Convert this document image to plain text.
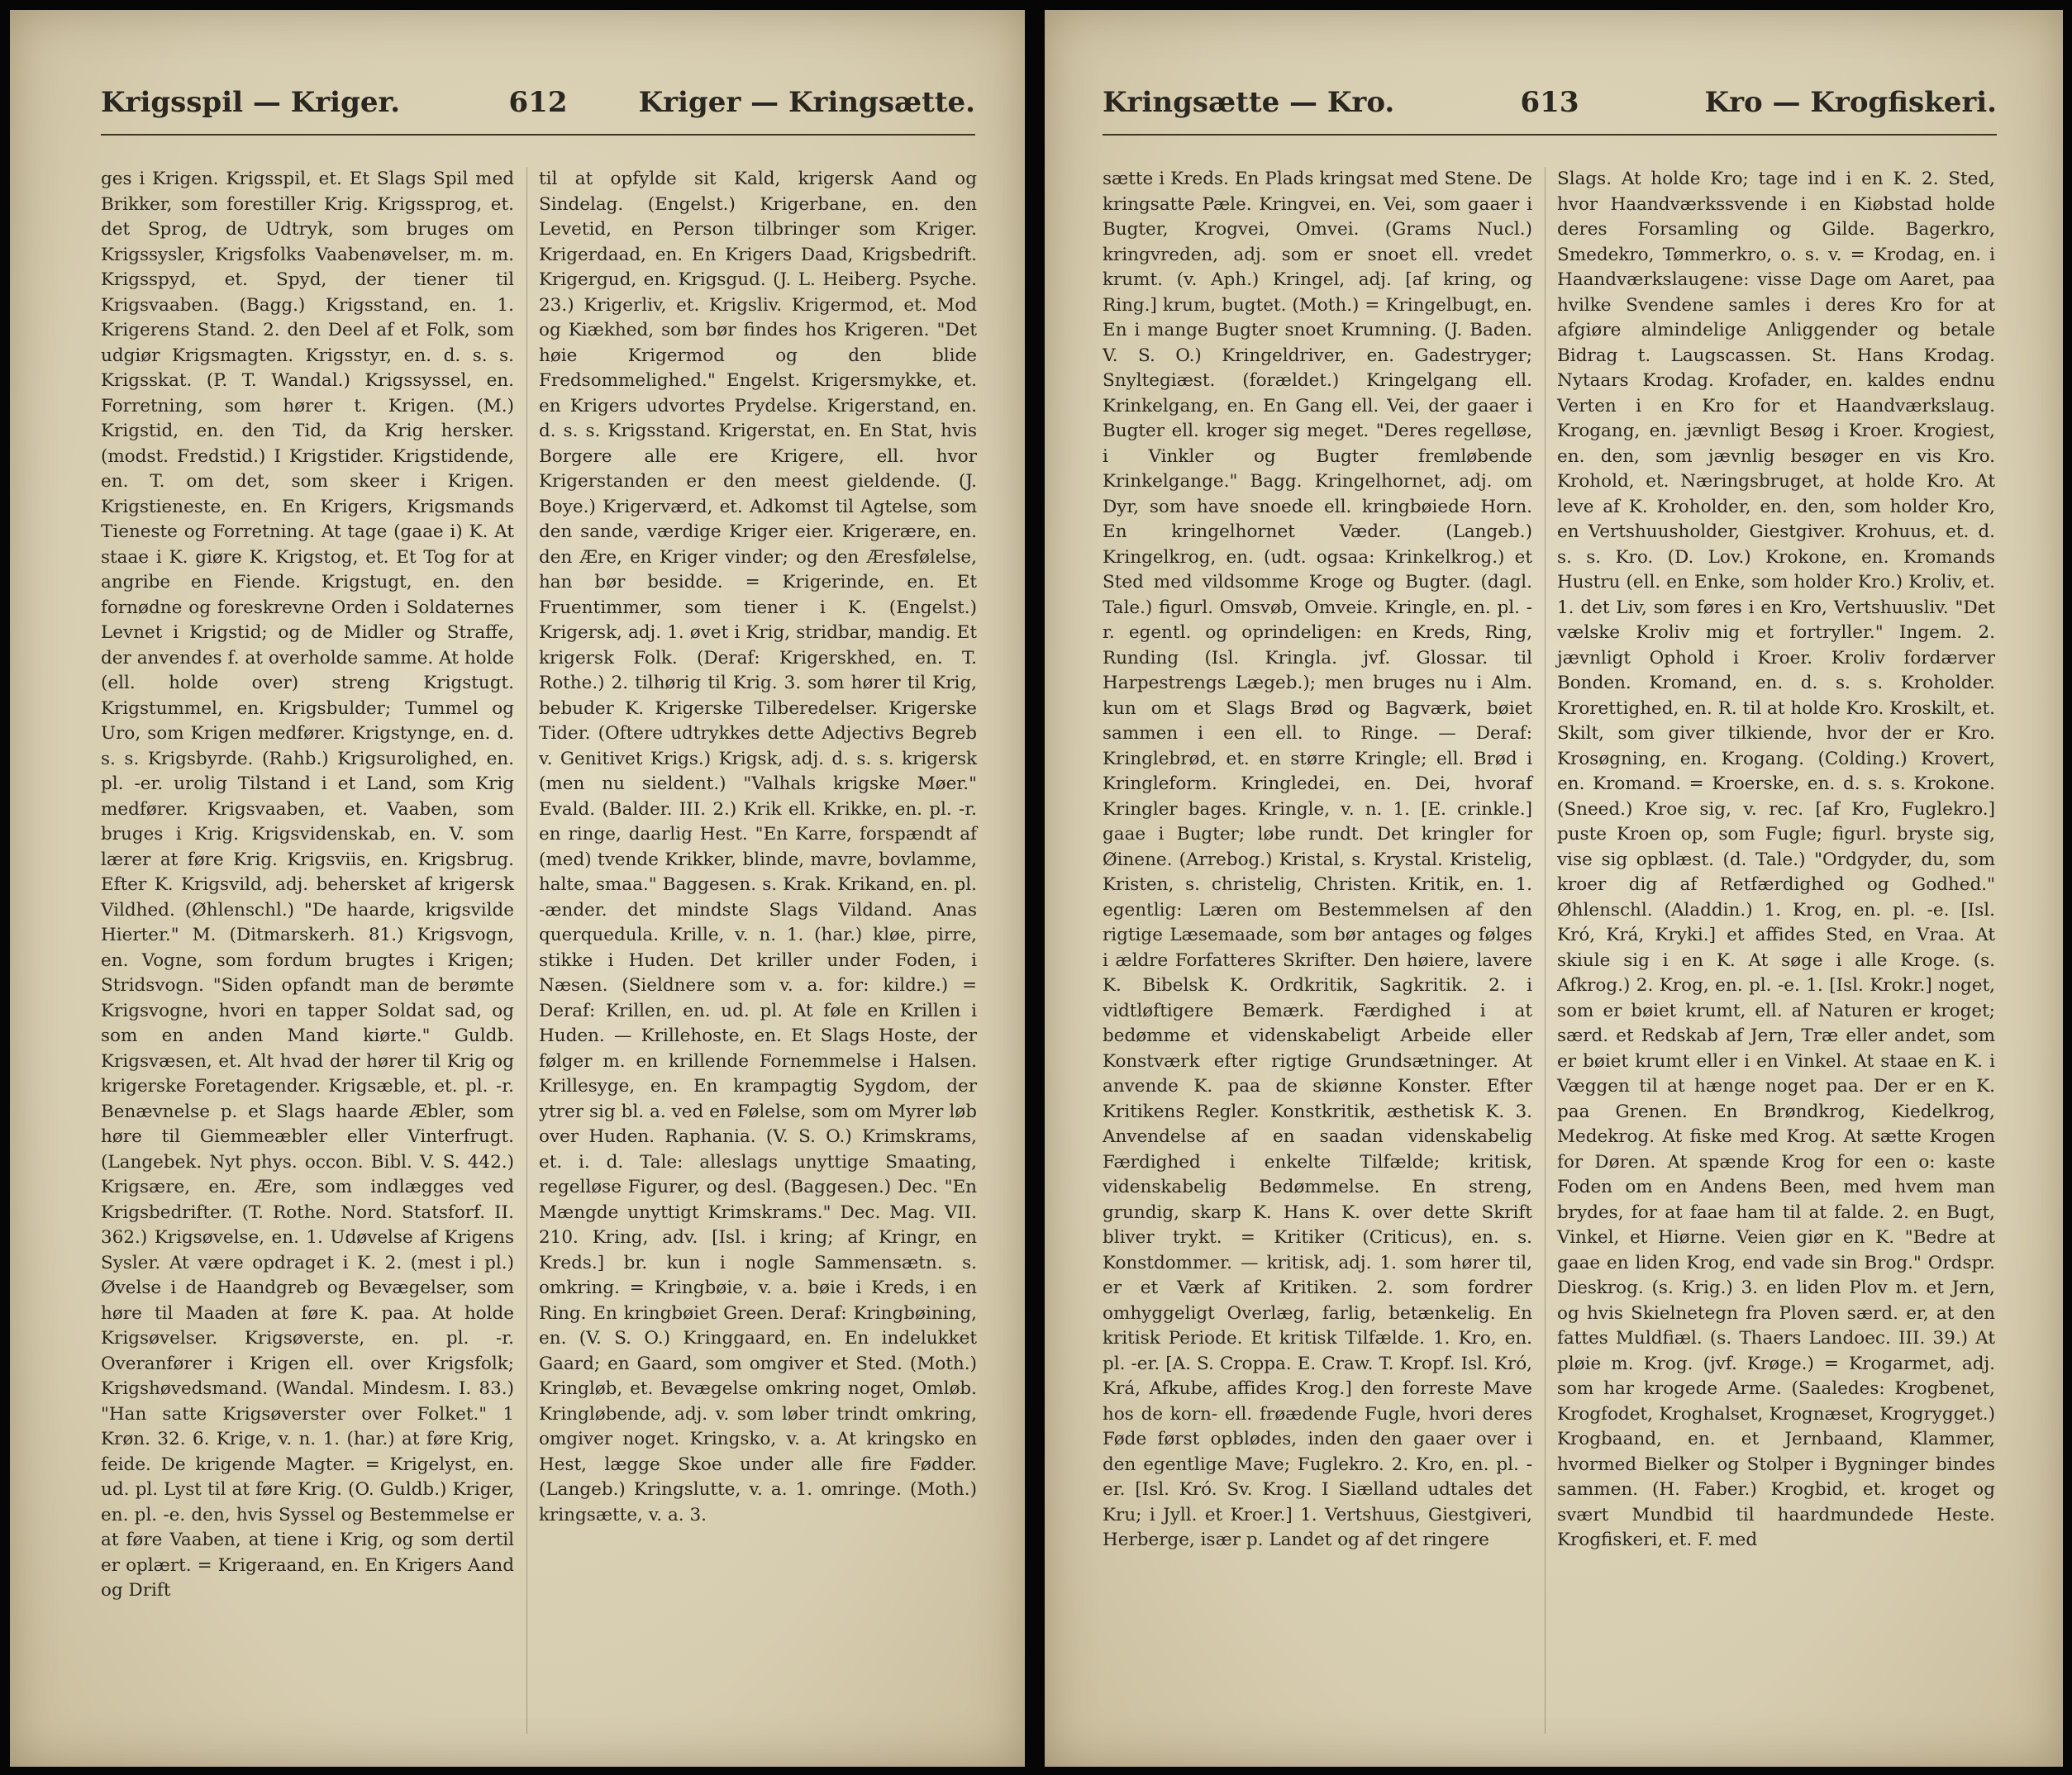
Krigsspil — Kriger.	612	Kriger — Kringsætte.

ges i Krigen. Krigsspil, et. Et Slags Spil med Brikker, som forestiller Krig. Krigssprog, et. det Sprog, de Udtryk, som bruges om Krigssysler, Krigsfolks Vaabenøvelser, m. m. Krigsspyd, et. Spyd, der tiener til Krigsvaaben. (Bagg.) Krigsstand, en. 1. Krigerens Stand. 2. den Deel af et Folk, som udgiør Krigsmagten. Krigsstyr, en. d. s. s. Krigsskat. (P. T. Wandal.) Krigssyssel, en. Forretning, som hører t. Krigen. (M.) Krigstid, en. den Tid, da Krig hersker. (modst. Fredstid.) I Krigstider. Krigstidende, en. T. om det, som skeer i Krigen. Krigstieneste, en. En Krigers, Krigsmands Tieneste og Forretning. At tage (gaae i) K. At staae i K. giøre K. Krigstog, et. Et Tog for at angribe en Fiende. Krigstugt, en. den fornødne og foreskrevne Orden i Soldaternes Levnet i Krigstid; og de Midler og Straffe, der anvendes f. at overholde samme. At holde (ell. holde over) streng Krigstugt. Krigstummel, en. Krigsbulder; Tummel og Uro, som Krigen medfører. Krigstynge, en. d. s. s. Krigsbyrde. (Rahb.) Krigsurolighed, en. pl. -er. urolig Tilstand i et Land, som Krig medfører. Krigsvaaben, et. Vaaben, som bruges i Krig. Krigsvidenskab, en. V. som lærer at føre Krig. Krigsviis, en. Krigsbrug. Efter K. Krigsvild, adj. behersket af krigersk Vildhed. (Øhlenschl.) "De haarde, krigsvilde Hierter." M. (Ditmarskerh. 81.) Krigsvogn, en. Vogne, som fordum brugtes i Krigen; Stridsvogn. "Siden opfandt man de berømte Krigsvogne, hvori en tapper Soldat sad, og som en anden Mand kiørte." Guldb. Krigsvæsen, et. Alt hvad der hører til Krig og krigerske Foretagender. Krigsæble, et. pl. -r. Benævnelse p. et Slags haarde Æbler, som høre til Giemmeæbler eller Vinterfrugt. (Langebek. Nyt phys. occon. Bibl. V. S. 442.) Krigsære, en. Ære, som indlægges ved Krigsbedrifter. (T. Rothe. Nord. Statsforf. II. 362.) Krigsøvelse, en. 1. Udøvelse af Krigens Sysler. At være opdraget i K. 2. (mest i pl.) Øvelse i de Haandgreb og Bevægelser, som høre til Maaden at føre K. paa. At holde Krigsøvelser. Krigsøverste, en. pl. -r. Overanfører i Krigen ell. over Krigsfolk; Krigshøvedsmand. (Wandal. Mindesm. I. 83.) "Han satte Krigsøverster over Folket." 1 Krøn. 32. 6. Krige, v. n. 1. (har.) at føre Krig, feide. De krigende Magter. = Krigelyst, en. ud. pl. Lyst til at føre Krig. (O. Guldb.) Kriger, en. pl. -e. den, hvis Syssel og Bestemmelse er at føre Vaaben, at tiene i Krig, og som dertil er oplært. = Krigeraand, en. En Krigers Aand og Drift

til at opfylde sit Kald, krigersk Aand og Sindelag. (Engelst.) Krigerbane, en. den Levetid, en Person tilbringer som Kriger. Krigerdaad, en. En Krigers Daad, Krigsbedrift. Krigergud, en. Krigsgud. (J. L. Heiberg. Psyche. 23.) Krigerliv, et. Krigsliv. Krigermod, et. Mod og Kiækhed, som bør findes hos Krigeren. "Det høie Krigermod og den blide Fredsommelighed." Engelst. Krigersmykke, et. en Krigers udvortes Prydelse. Krigerstand, en. d. s. s. Krigsstand. Krigerstat, en. En Stat, hvis Borgere alle ere Krigere, ell. hvor Krigerstanden er den meest gieldende. (J. Boye.) Krigerværd, et. Adkomst til Agtelse, som den sande, værdige Kriger eier. Krigerære, en. den Ære, en Kriger vinder; og den Æresfølelse, han bør besidde. = Krigerinde, en. Et Fruentimmer, som tiener i K. (Engelst.) Krigersk, adj. 1. øvet i Krig, stridbar, mandig. Et krigersk Folk. (Deraf: Krigerskhed, en. T. Rothe.) 2. tilhørig til Krig. 3. som hører til Krig, bebuder K. Krigerske Tilberedelser. Krigerske Tider. (Oftere udtrykkes dette Adjectivs Begreb v. Genitivet Krigs.) Krigsk, adj. d. s. s. krigersk (men nu sieldent.) "Valhals krigske Møer." Evald. (Balder. III. 2.) Krik ell. Krikke, en. pl. -r. en ringe, daarlig Hest. "En Karre, forspændt af (med) tvende Krikker, blinde, mavre, bovlamme, halte, smaa." Baggesen. s. Krak. Krikand, en. pl. -ænder. det mindste Slags Vildand. Anas querquedula. Krille, v. n. 1. (har.) kløe, pirre, stikke i Huden. Det kriller under Foden, i Næsen. (Sieldnere som v. a. for: kildre.) = Deraf: Krillen, en. ud. pl. At føle en Krillen i Huden. — Krillehoste, en. Et Slags Hoste, der følger m. en krillende Fornemmelse i Halsen. Krillesyge, en. En krampagtig Sygdom, der ytrer sig bl. a. ved en Følelse, som om Myrer løb over Huden. Raphania. (V. S. O.) Krimskrams, et. i. d. Tale: alleslags unyttige Smaating, regelløse Figurer, og desl. (Baggesen.) Dec. "En Mængde unyttigt Krimskrams." Dec. Mag. VII. 210. Kring, adv. [Isl. i kring; af Kringr, en Kreds.] br. kun i nogle Sammensætn. s. omkring. = Kringbøie, v. a. bøie i Kreds, i en Ring. En kringbøiet Green. Deraf: Kringbøining, en. (V. S. O.) Kringgaard, en. En indelukket Gaard; en Gaard, som omgiver et Sted. (Moth.) Kringløb, et. Bevægelse omkring noget, Omløb. Kringløbende, adj. v. som løber trindt omkring, omgiver noget. Kringsko, v. a. At kringsko en Hest, lægge Skoe under alle fire Fødder. (Langeb.) Kringslutte, v. a. 1. omringe. (Moth.) kringsætte, v. a. 3.

Kringsætte — Kro.	613	Kro — Krogfiskeri.

sætte i Kreds. En Plads kringsat med Stene. De kringsatte Pæle. Kringvei, en. Vei, som gaaer i Bugter, Krogvei, Omvei. (Grams Nucl.) kringvreden, adj. som er snoet ell. vredet krumt. (v. Aph.) Kringel, adj. [af kring, og Ring.] krum, bugtet. (Moth.) = Kringelbugt, en. En i mange Bugter snoet Krumning. (J. Baden. V. S. O.) Kringeldriver, en. Gadestryger; Snyltegiæst. (forældet.) Kringelgang ell. Krinkelgang, en. En Gang ell. Vei, der gaaer i Bugter ell. kroger sig meget. "Deres regelløse, i Vinkler og Bugter fremløbende Krinkelgange." Bagg. Kringelhornet, adj. om Dyr, som have snoede ell. kringbøiede Horn. En kringelhornet Væder. (Langeb.) Kringelkrog, en. (udt. ogsaa: Krinkelkrog.) et Sted med vildsomme Kroge og Bugter. (dagl. Tale.) figurl. Omsvøb, Omveie. Kringle, en. pl. -r. egentl. og oprindeligen: en Kreds, Ring, Runding (Isl. Kringla. jvf. Glossar. til Harpestrengs Lægeb.); men bruges nu i Alm. kun om et Slags Brød og Bagværk, bøiet sammen i een ell. to Ringe. — Deraf: Kringlebrød, et. en større Kringle; ell. Brød i Kringleform. Kringledei, en. Dei, hvoraf Kringler bages. Kringle, v. n. 1. [E. crinkle.] gaae i Bugter; løbe rundt. Det kringler for Øinene. (Arrebog.) Kristal, s. Krystal. Kristelig, Kristen, s. christelig, Christen. Kritik, en. 1. egentlig: Læren om Bestemmelsen af den rigtige Læsemaade, som bør antages og følges i ældre Forfatteres Skrifter. Den høiere, lavere K. Bibelsk K. Ordkritik, Sagkritik. 2. i vidtløftigere Bemærk. Færdighed i at bedømme et videnskabeligt Arbeide eller Konstværk efter rigtige Grundsætninger. At anvende K. paa de skiønne Konster. Efter Kritikens Regler. Konstkritik, æsthetisk K. 3. Anvendelse af en saadan videnskabelig Færdighed i enkelte Tilfælde; kritisk, videnskabelig Bedømmelse. En streng, grundig, skarp K. Hans K. over dette Skrift bliver trykt. = Kritiker (Criticus), en. s. Konstdommer. — kritisk, adj. 1. som hører til, er et Værk af Kritiken. 2. som fordrer omhyggeligt Overlæg, farlig, betænkelig. En kritisk Periode. Et kritisk Tilfælde. 1. Kro, en. pl. -er. [A. S. Croppa. E. Craw. T. Kropf. Isl. Kró, Krá, Afkube, affides Krog.] den forreste Mave hos de korn- ell. frøædende Fugle, hvori deres Føde først opblødes, inden den gaaer over i den egentlige Mave; Fuglekro. 2. Kro, en. pl. -er. [Isl. Kró. Sv. Krog. I Siælland udtales det Kru; i Jyll. et Kroer.] 1. Vertshuus, Giestgiveri, Herberge, især p. Landet og af det ringere

Slags. At holde Kro; tage ind i en K. 2. Sted, hvor Haandværkssvende i en Kiøbstad holde deres Forsamling og Gilde. Bagerkro, Smedekro, Tømmerkro, o. s. v. = Krodag, en. i Haandværkslaugene: visse Dage om Aaret, paa hvilke Svendene samles i deres Kro for at afgiøre almindelige Anliggender og betale Bidrag t. Laugscassen. St. Hans Krodag. Nytaars Krodag. Krofader, en. kaldes endnu Verten i en Kro for et Haandværkslaug. Krogang, en. jævnligt Besøg i Kroer. Krogiest, en. den, som jævnlig besøger en vis Kro. Krohold, et. Næringsbruget, at holde Kro. At leve af K. Kroholder, en. den, som holder Kro, en Vertshuusholder, Giestgiver. Krohuus, et. d. s. s. Kro. (D. Lov.) Krokone, en. Kromands Hustru (ell. en Enke, som holder Kro.) Kroliv, et. 1. det Liv, som føres i en Kro, Vertshuusliv. "Det vælske Kroliv mig et fortryller." Ingem. 2. jævnligt Ophold i Kroer. Kroliv fordærver Bonden. Kromand, en. d. s. s. Kroholder. Krorettighed, en. R. til at holde Kro. Kroskilt, et. Skilt, som giver tilkiende, hvor der er Kro. Krosøgning, en. Krogang. (Colding.) Krovert, en. Kromand. = Kroerske, en. d. s. s. Krokone. (Sneed.) Kroe sig, v. rec. [af Kro, Fuglekro.] puste Kroen op, som Fugle; figurl. bryste sig, vise sig opblæst. (d. Tale.) "Ordgyder, du, som kroer dig af Retfærdighed og Godhed." Øhlenschl. (Aladdin.) 1. Krog, en. pl. -e. [Isl. Kró, Krá, Kryki.] et affides Sted, en Vraa. At skiule sig i en K. At søge i alle Kroge. (s. Afkrog.) 2. Krog, en. pl. -e. 1. [Isl. Krokr.] noget, som er bøiet krumt, ell. af Naturen er kroget; særd. et Redskab af Jern, Træ eller andet, som er bøiet krumt eller i en Vinkel. At staae en K. i Væggen til at hænge noget paa. Der er en K. paa Grenen. En Brøndkrog, Kiedelkrog, Medekrog. At fiske med Krog. At sætte Krogen for Døren. At spænde Krog for een o: kaste Foden om en Andens Been, med hvem man brydes, for at faae ham til at falde. 2. en Bugt, Vinkel, et Hiørne. Veien giør en K. "Bedre at gaae en liden Krog, end vade sin Brog." Ordspr. Dieskrog. (s. Krig.) 3. en liden Plov m. et Jern, og hvis Skielnetegn fra Ploven særd. er, at den fattes Muldfiæl. (s. Thaers Landoec. III. 39.) At pløie m. Krog. (jvf. Krøge.) = Krogarmet, adj. som har krogede Arme. (Saaledes: Krogbenet, Krogfodet, Kroghalset, Krognæset, Krogrygget.) Krogbaand, en. et Jernbaand, Klammer, hvormed Bielker og Stolper i Bygninger bindes sammen. (H. Faber.) Krogbid, et. kroget og svært Mundbid til haardmundede Heste. Krogfiskeri, et. F. med
